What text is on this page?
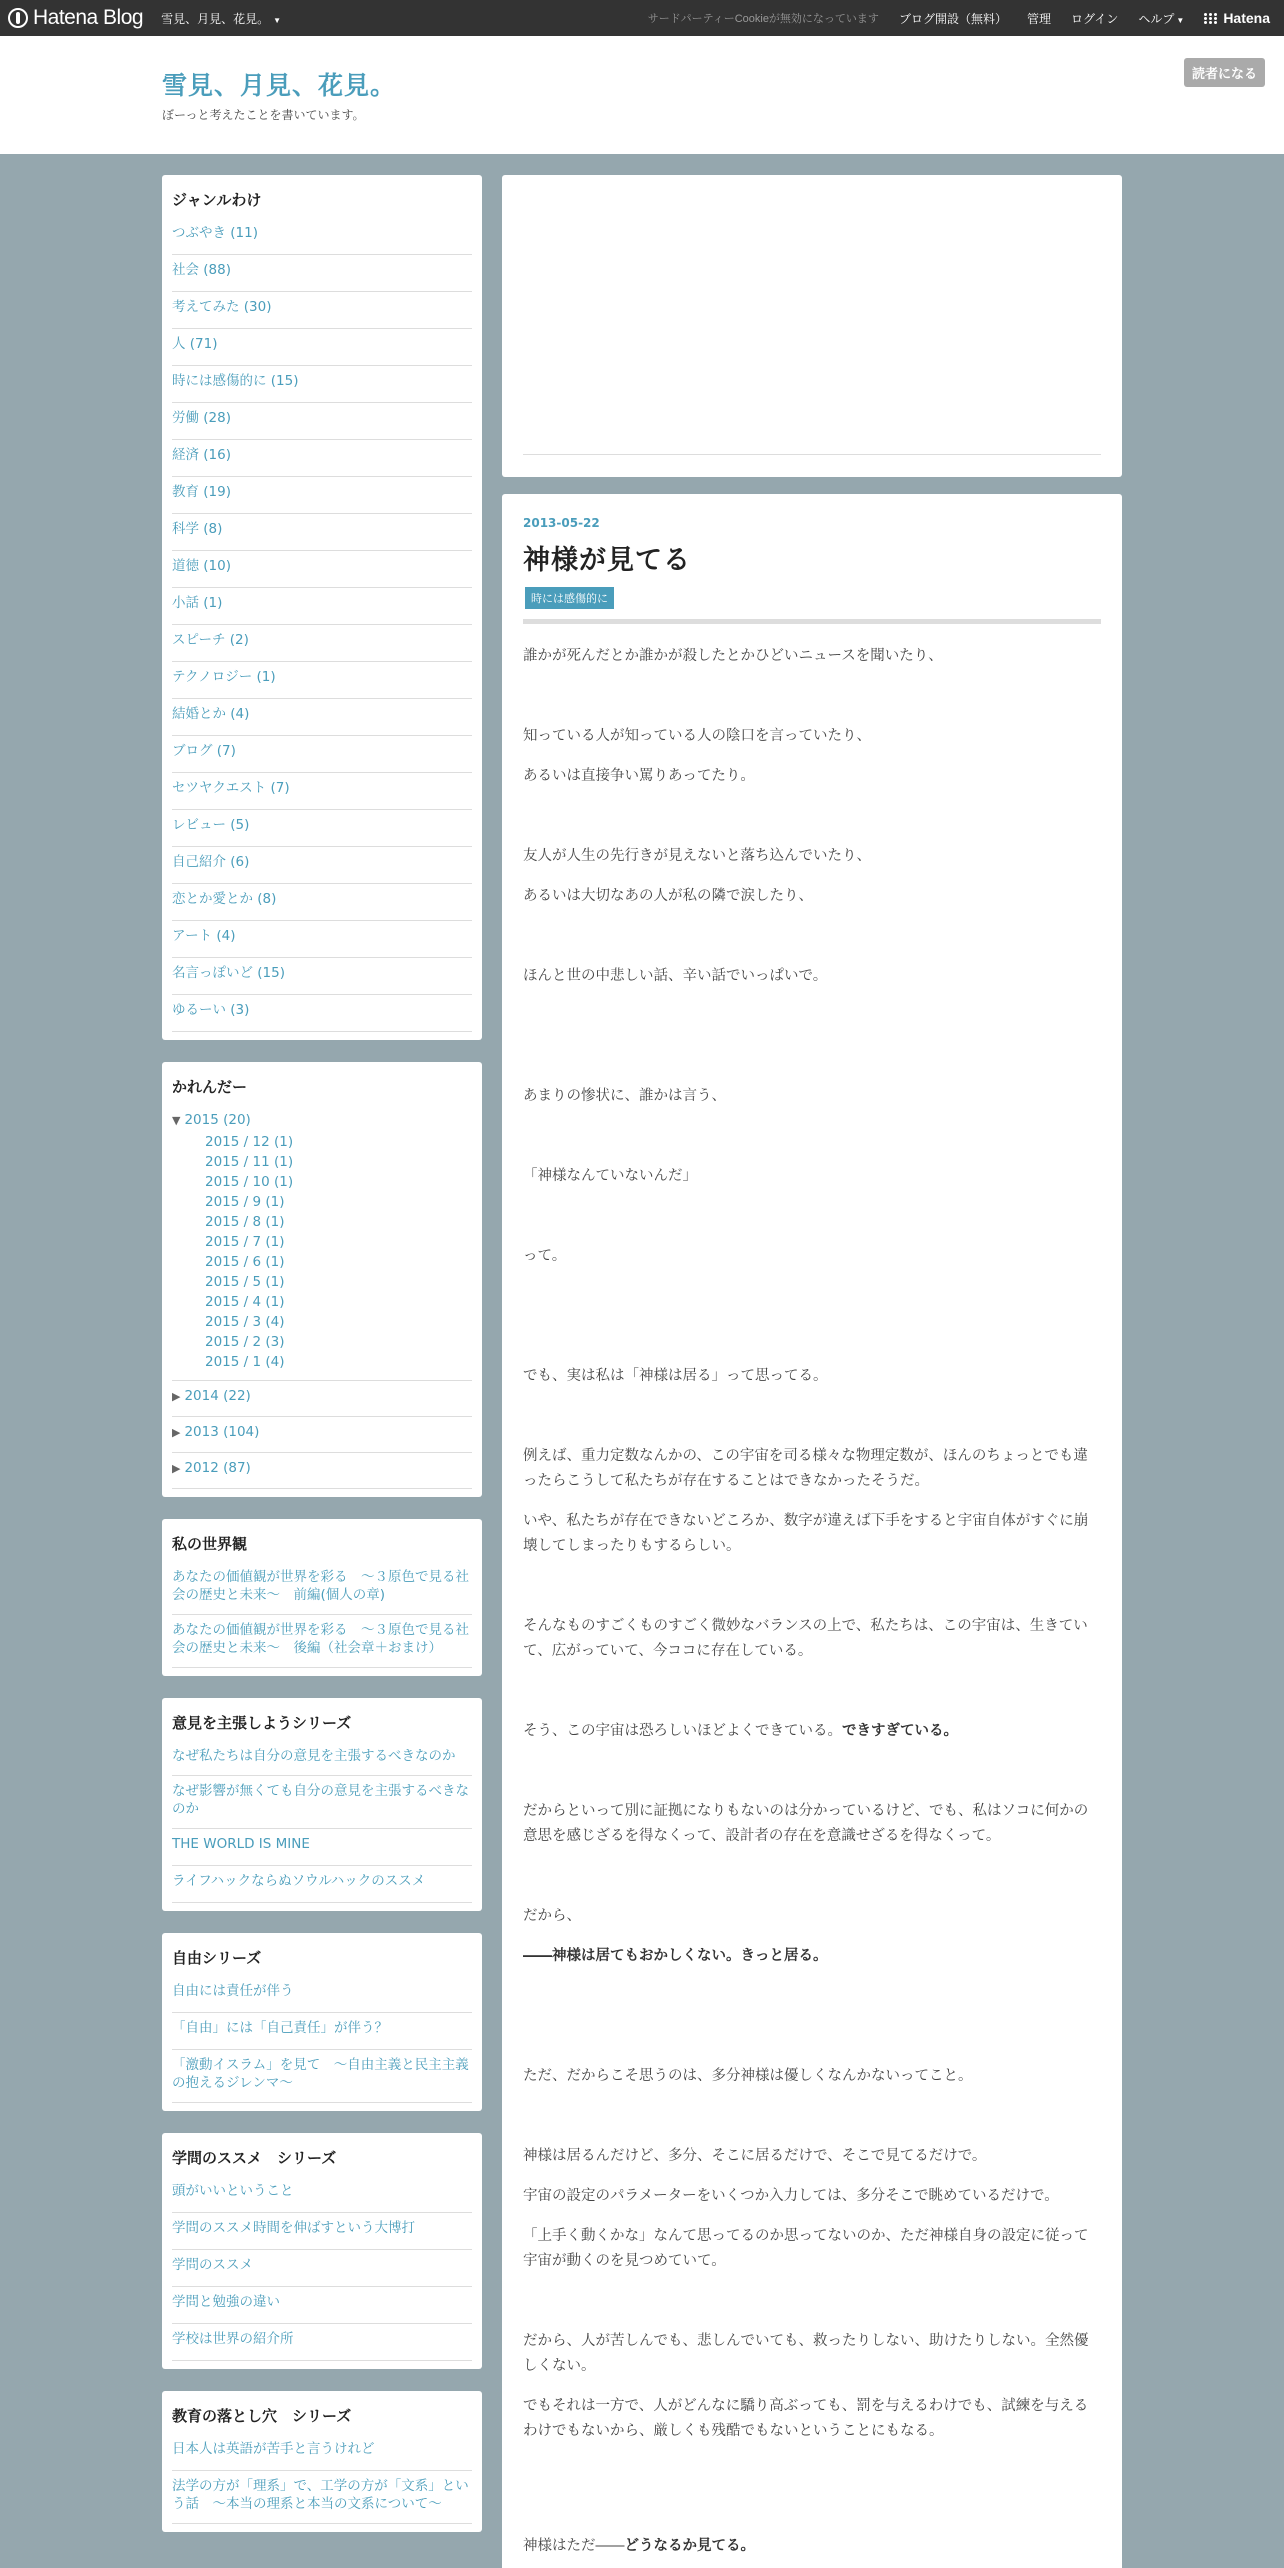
Hatena Blog 雪見、月見、花見。 ▼	サードパーティーCookieが無効になっています ブログ開設（無料） 管理 ログイン ヘルプ ▼	Hatena
雪見、月見、花見。
ぼーっと考えたことを書いています。
読者になる
ジャンルわけ
つぶやき (11)
社会 (88)
考えてみた (30)
人 (71)
時には感傷的に (15)
労働 (28)
経済 (16)
教育 (19)
科学 (8)
道徳 (10)
小話 (1)
スピーチ (2)
テクノロジー (1)
結婚とか (4)
ブログ (7)
セツヤクエスト (7)
レビュー (5)
自己紹介 (6)
恋とか愛とか (8)
アート (4)
名言っぽいど (15)
ゆるーい (3)
かれんだー
▼ 2015 (20)
2015 / 12 (1)
2015 / 11 (1)
2015 / 10 (1)
2015 / 9 (1)
2015 / 8 (1)
2015 / 7 (1)
2015 / 6 (1)
2015 / 5 (1)
2015 / 4 (1)
2015 / 3 (4)
2015 / 2 (3)
2015 / 1 (4)
▶ 2014 (22)
▶ 2013 (104)
▶ 2012 (87)
私の世界観
あなたの価値観が世界を彩る　～３原色で見る社会の歴史と未来～　前編(個人の章)
あなたの価値観が世界を彩る　～３原色で見る社会の歴史と未来～　後編（社会章＋おまけ）
意見を主張しようシリーズ
なぜ私たちは自分の意見を主張するべきなのか
なぜ影響が無くても自分の意見を主張するべきなのか
THE WORLD IS MINE
ライフハックならぬソウルハックのススメ
自由シリーズ
自由には責任が伴う
「自由」には「自己責任」が伴う？
「激動イスラム」を見て　～自由主義と民主主義の抱えるジレンマ～
学問のススメ　シリーズ
頭がいいということ
学問のススメ時間を伸ばすという大博打
学問のススメ
学問と勉強の違い
学校は世界の紹介所
教育の落とし穴　シリーズ
日本人は英語が苦手と言うけれど
法学の方が「理系」で、工学の方が「文系」という話　～本当の理系と本当の文系について～
2013-05-22
神様が見てる
時には感傷的に
誰かが死んだとか誰かが殺したとかひどいニュースを聞いたり、
知っている人が知っている人の陰口を言っていたり、
あるいは直接争い罵りあってたり。
友人が人生の先行きが見えないと落ち込んでいたり、
あるいは大切なあの人が私の隣で涙したり、
ほんと世の中悲しい話、辛い話でいっぱいで。
あまりの惨状に、誰かは言う、
「神様なんていないんだ」
って。
でも、実は私は「神様は居る」って思ってる。
例えば、重力定数なんかの、この宇宙を司る様々な物理定数が、ほんのちょっとでも違ったらこうして私たちが存在することはできなかったそうだ。
いや、私たちが存在できないどころか、数字が違えば下手をすると宇宙自体がすぐに崩壊してしまったりもするらしい。
そんなものすごくものすごく微妙なバランスの上で、私たちは、この宇宙は、生きていて、広がっていて、今ココに存在している。
そう、この宇宙は恐ろしいほどよくできている。できすぎている。
だからといって別に証拠になりもないのは分かっているけど、でも、私はソコに何かの意思を感じざるを得なくって、設計者の存在を意識せざるを得なくって。
だから、
――神様は居てもおかしくない。きっと居る。
ただ、だからこそ思うのは、多分神様は優しくなんかないってこと。
神様は居るんだけど、多分、そこに居るだけで、そこで見てるだけで。
宇宙の設定のパラメーターをいくつか入力しては、多分そこで眺めているだけで。
「上手く動くかな」なんて思ってるのか思ってないのか、ただ神様自身の設定に従って宇宙が動くのを見つめていて。
だから、人が苦しんでも、悲しんでいても、救ったりしない、助けたりしない。全然優しくない。
でもそれは一方で、人がどんなに驕り高ぶっても、罰を与えるわけでも、試練を与えるわけでもないから、厳しくも残酷でもないということにもなる。
神様はただ――どうなるか見てる。
